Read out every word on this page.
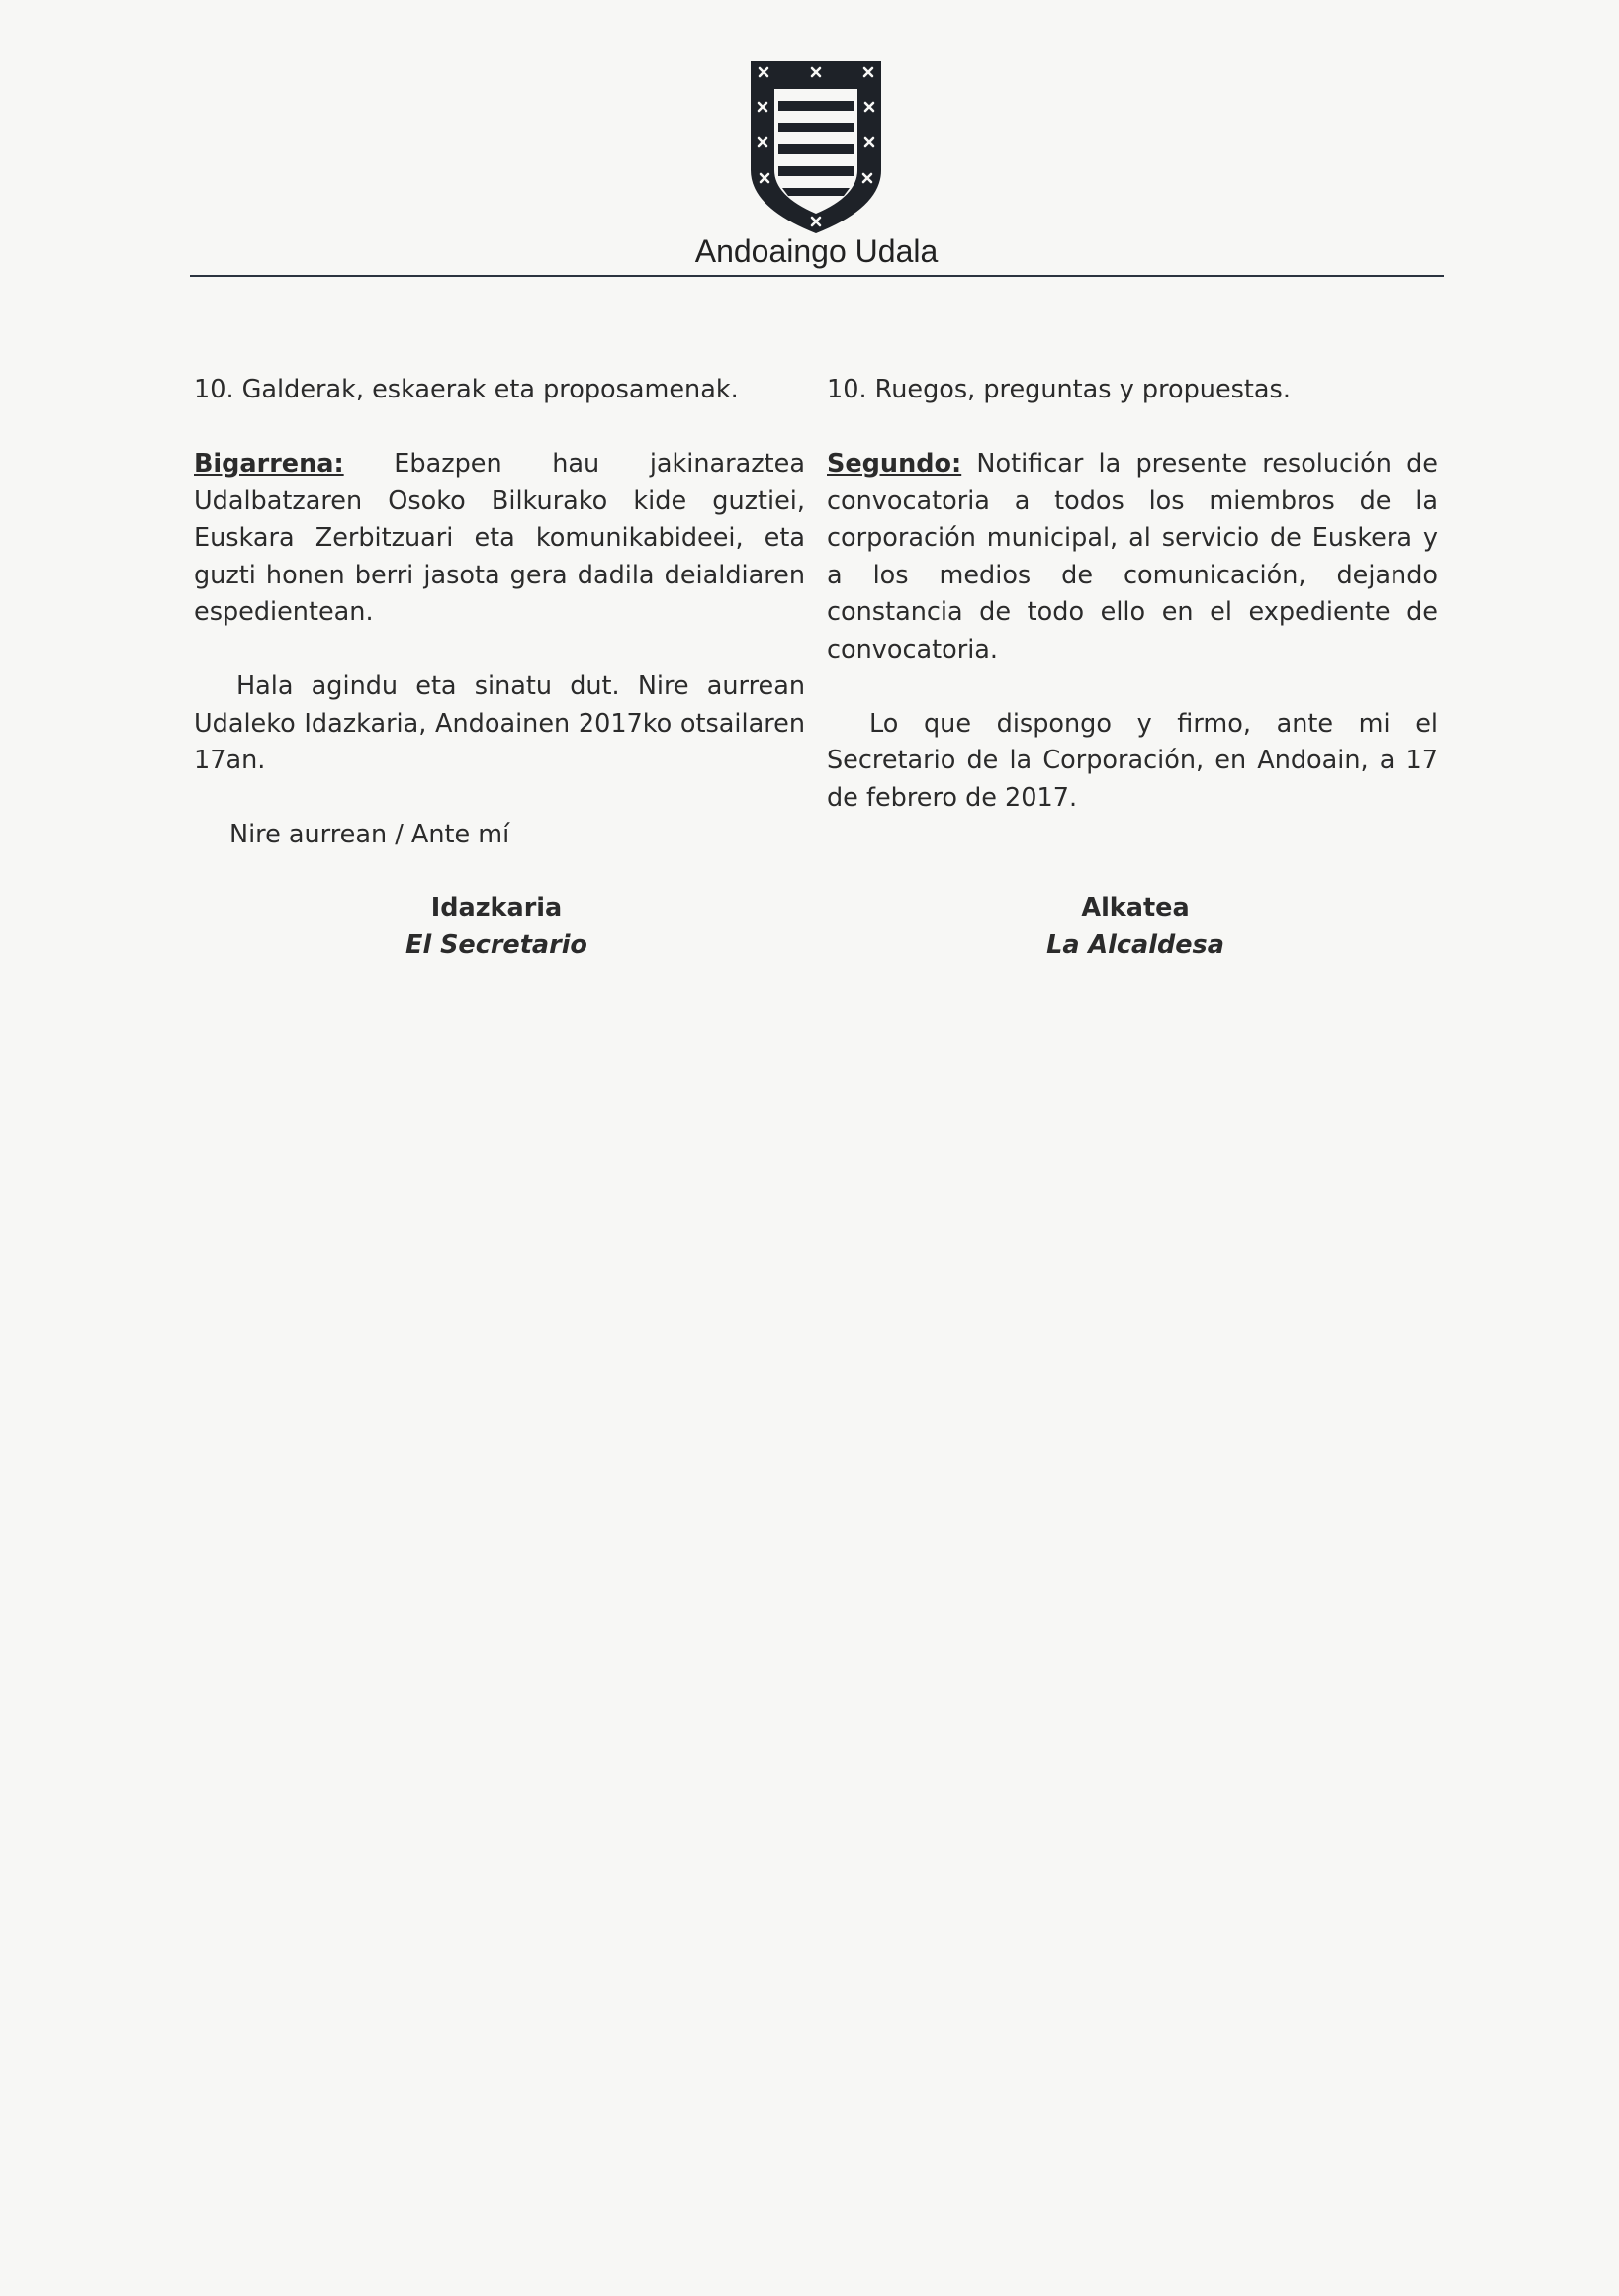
Andoaingo Udala

10. Galderak, eskaerak eta proposamenak.

Bigarrena: Ebazpen hau jakinaraztea Udalbatzaren Osoko Bilkurako kide guztiei, Euskara Zerbitzuari eta komunikabideei, eta guzti honen berri jasota gera dadila deialdiaren espedientean.

Hala agindu eta sinatu dut. Nire aurrean Udaleko Idazkaria, Andoainen 2017ko otsailaren 17an.

10. Ruegos, preguntas y propuestas.

Segundo: Notificar la presente resolución de convocatoria a todos los miembros de la corporación municipal, al servicio de Euskera y a los medios de comunicación, dejando constancia de todo ello en el expediente de convocatoria.

Lo que dispongo y firmo, ante mi el Secretario de la Corporación, en Andoain, a 17 de febrero de 2017.

Nire aurrean / Ante mí
Idazkaria
El Secretario
Alkatea
La Alcaldesa
